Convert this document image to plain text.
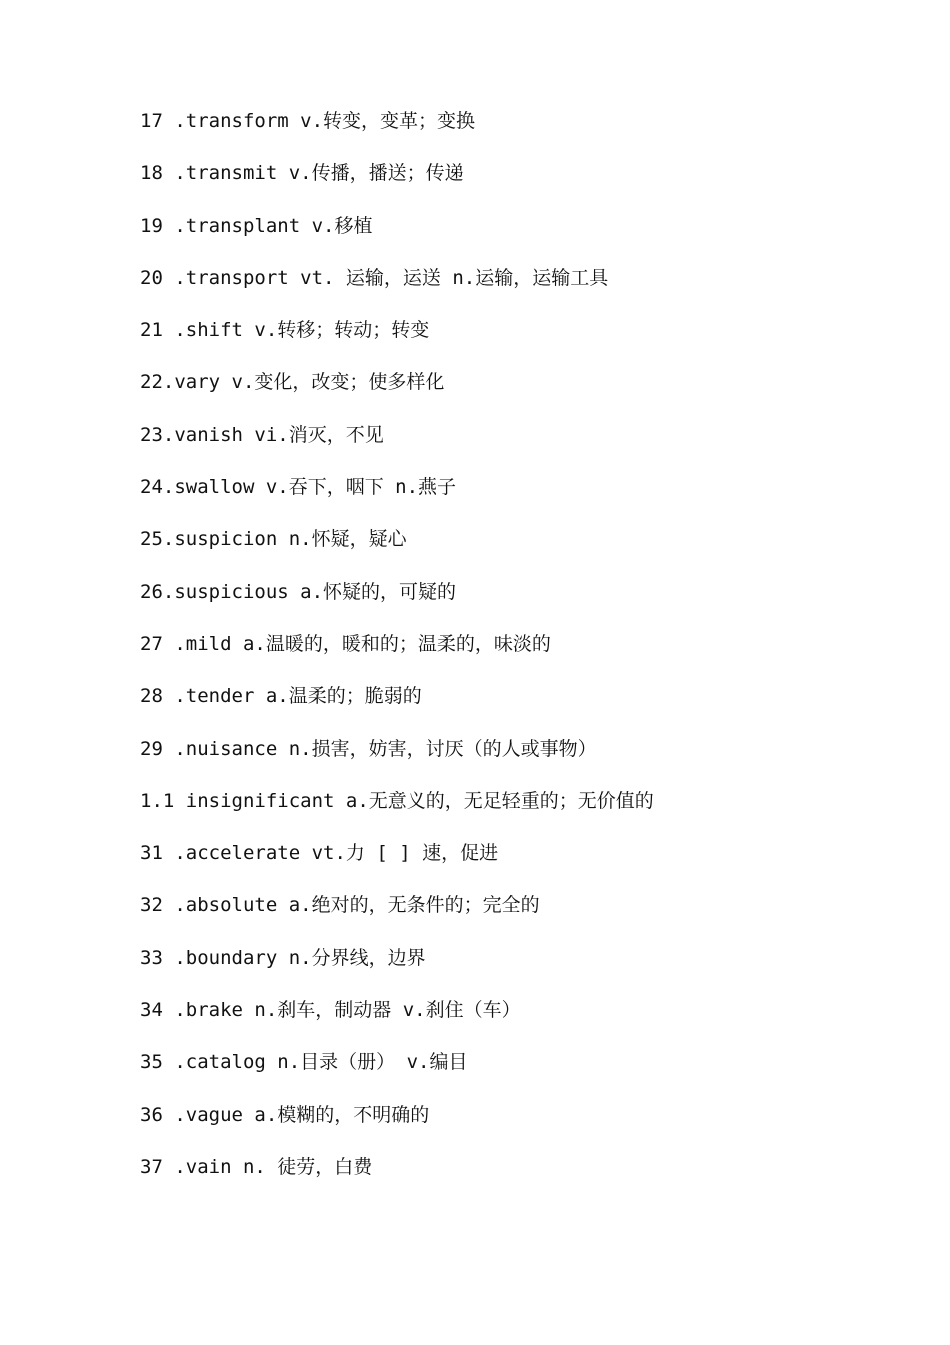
17 .transform v.转变，变革；变换
18 .transmit v.传播，播送；传递
19 .transplant v.移植
20 .transport vt. 运输，运送 n.运输，运输工具
21 .shift v.转移；转动；转变
22.vary v.变化，改变；使多样化
23.vanish vi.消灭，不见
24.swallow v.吞下，咽下 n.燕子
25.suspicion n.怀疑，疑心
26.suspicious a.怀疑的，可疑的
27 .mild a.温暖的，暖和的；温柔的，味淡的
28 .tender a.温柔的；脆弱的
29 .nuisance n.损害，妨害，讨厌（的人或事物）
1.1 insignificant a.无意义的，无足轻重的；无价值的
31 .accelerate vt.力 [ ] 速，促进
32 .absolute a.绝对的，无条件的；完全的
33 .boundary n.分界线，边界
34 .brake n.刹车，制动器 v.刹住（车）
35 .catalog n.目录（册） v.编目
36 .vague a.模糊的，不明确的
37 .vain n. 徒劳，白费
